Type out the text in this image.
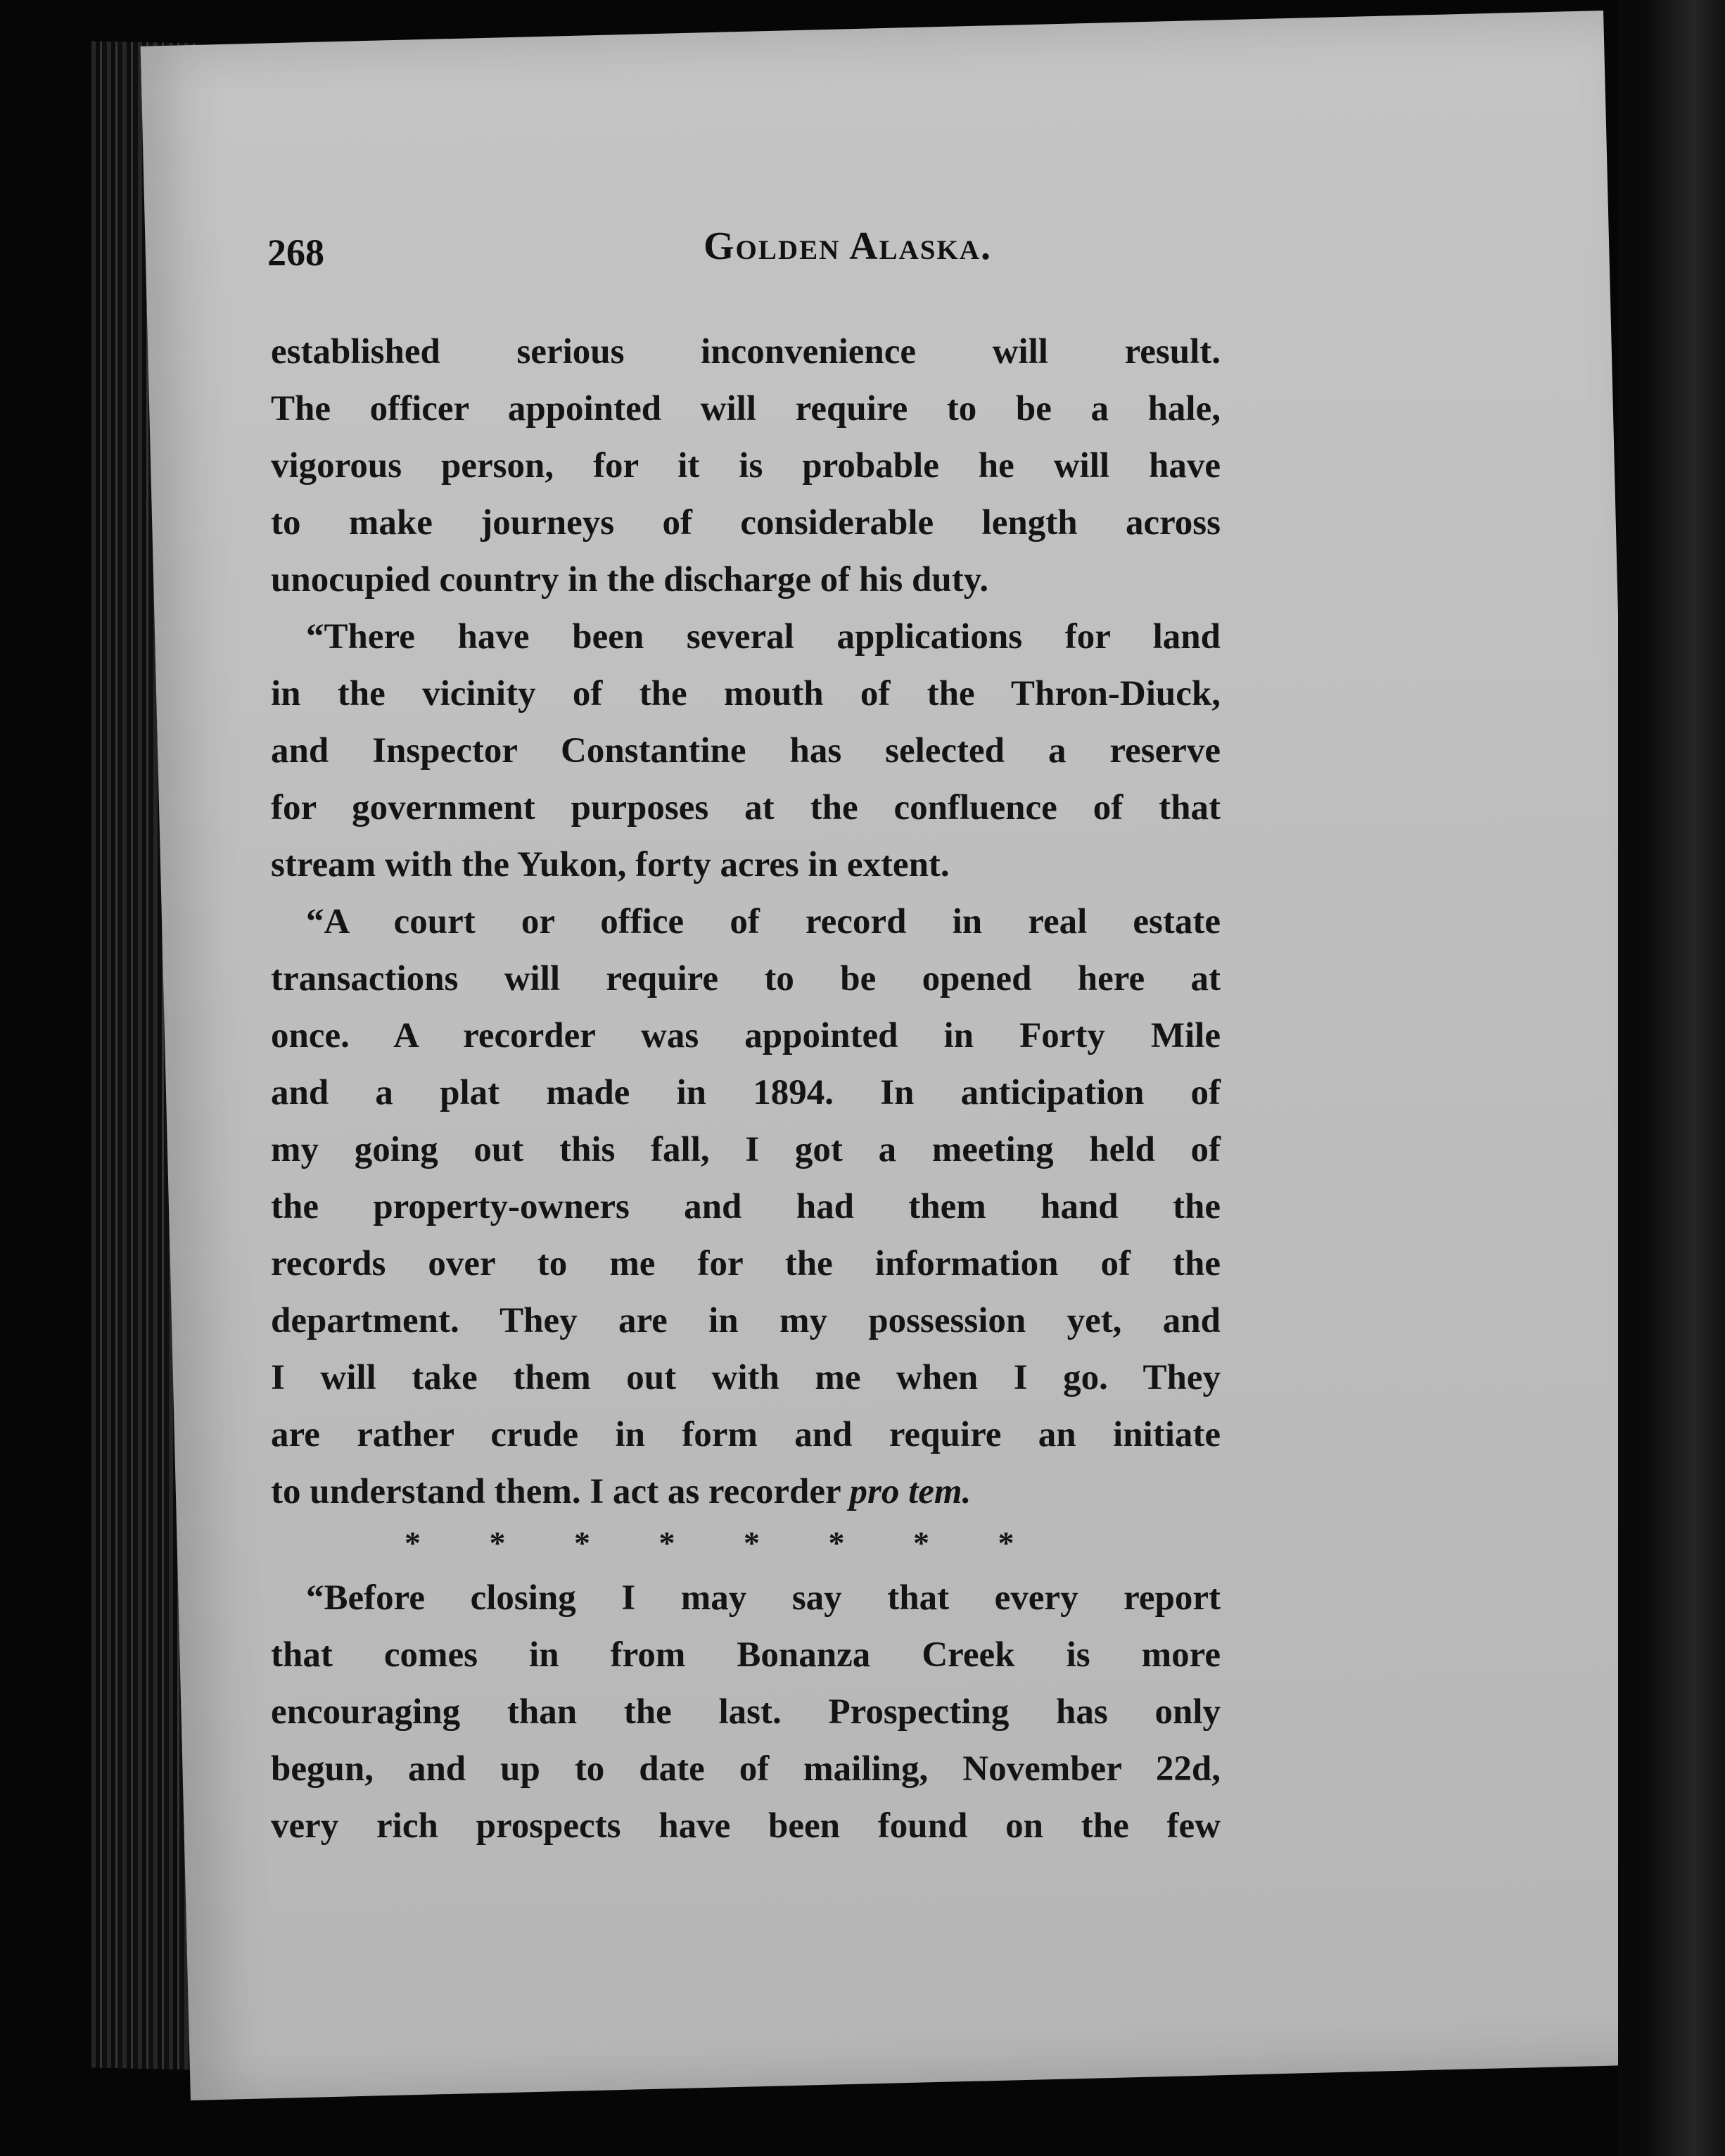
268	Golden Alaska.
established serious inconvenience will result.
The officer appointed will require to be a hale,
vigorous person, for it is probable he will have
to make journeys of considerable length across
unocupied country in the discharge of his duty.
“There have been several applications for land
in the vicinity of the mouth of the Thron-Diuck,
and Inspector Constantine has selected a reserve
for government purposes at the confluence of that
stream with the Yukon, forty acres in extent.
“A court or office of record in real estate
transactions will require to be opened here at
once. A recorder was appointed in Forty Mile
and a plat made in 1894. In anticipation of
my going out this fall, I got a meeting held of
the property-owners and had them hand the
records over to me for the information of the
department. They are in my possession yet, and
I will take them out with me when I go. They
are rather crude in form and require an initiate
to understand them. I act as recorder pro tem.
* * * * * * * *
“Before closing I may say that every report
that comes in from Bonanza Creek is more
encouraging than the last. Prospecting has only
begun, and up to date of mailing, November 22d,
very rich prospects have been found on the few
